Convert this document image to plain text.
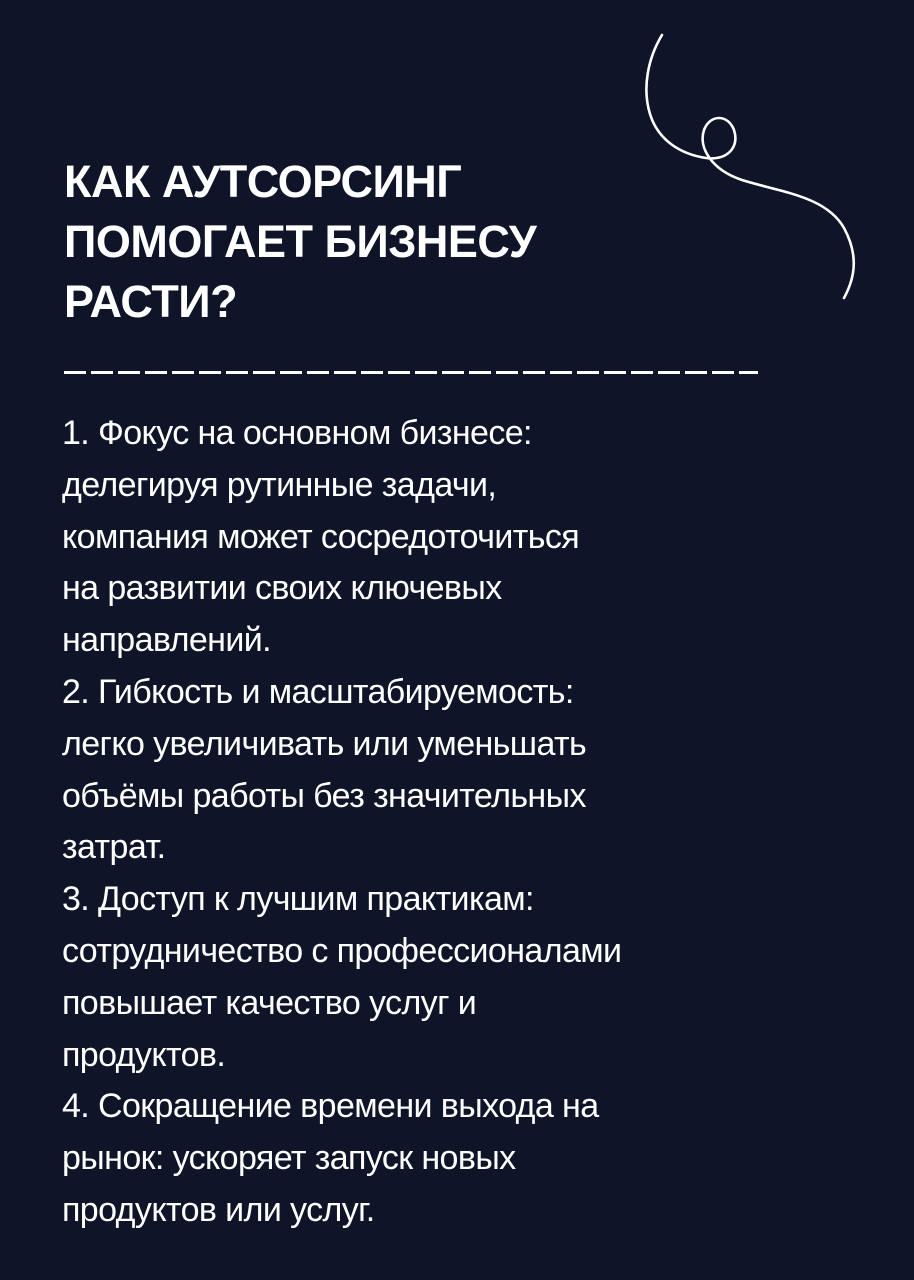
КАК АУТСОРСИНГ
ПОМОГАЕТ БИЗНЕСУ
РАСТИ?
1. Фокус на основном бизнесе:
делегируя рутинные задачи,
компания может сосредоточиться
на развитии своих ключевых
направлений.
2. Гибкость и масштабируемость:
легко увеличивать или уменьшать
объёмы работы без значительных
затрат.
3. Доступ к лучшим практикам:
сотрудничество с профессионалами
повышает качество услуг и
продуктов.
4. Сокращение времени выхода на
рынок: ускоряет запуск новых
продуктов или услуг.
